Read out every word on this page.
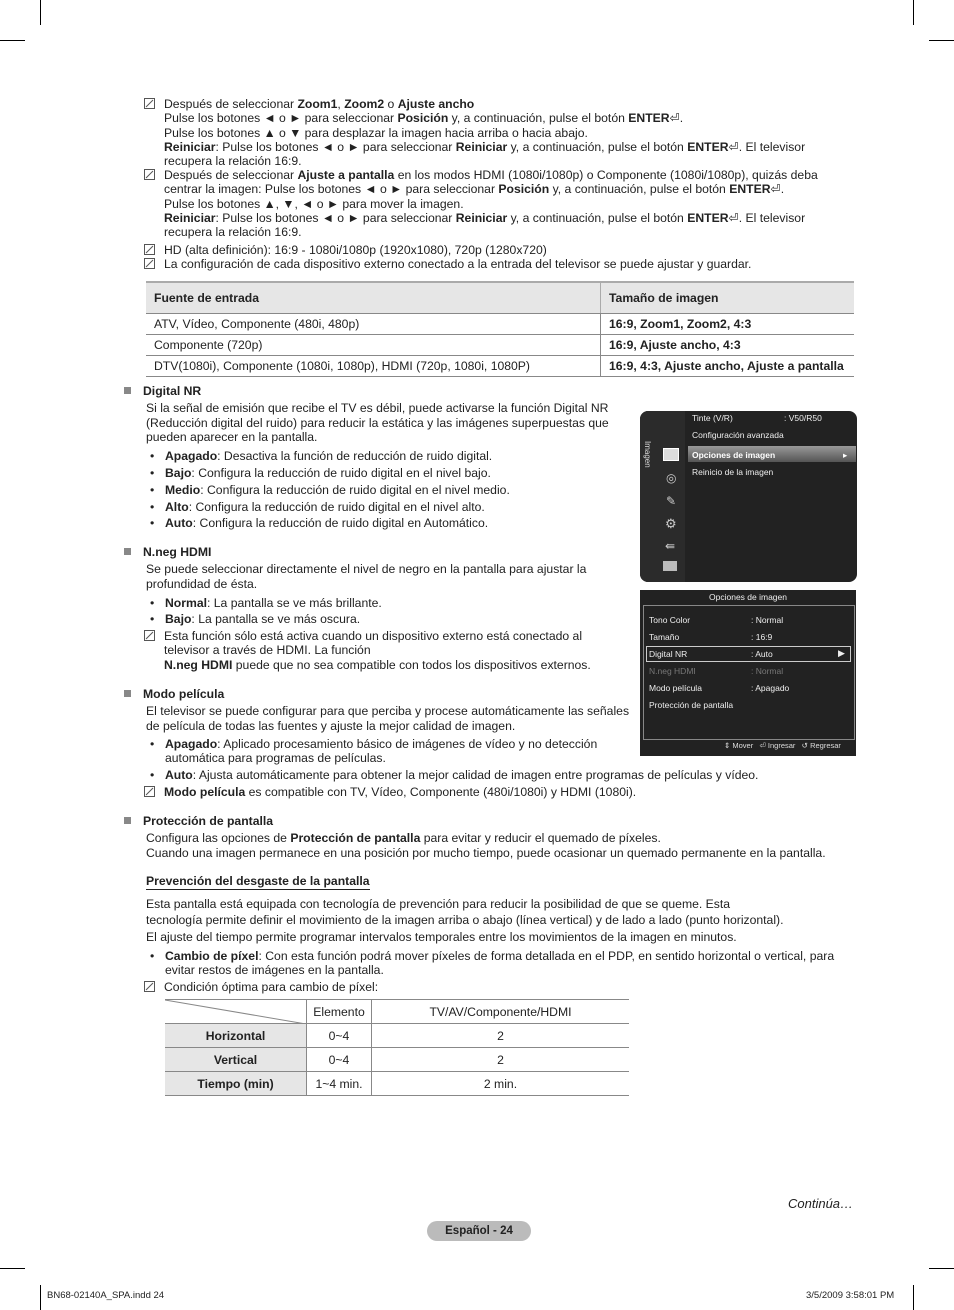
Después de seleccionar Zoom1, Zoom2 o Ajuste ancho
Pulse los botones ◄ o ► para seleccionar Posición y, a continuación, pulse el botón ENTER⏎.
Pulse los botones ▲ o ▼ para desplazar la imagen hacia arriba o hacia abajo.
Reiniciar: Pulse los botones ◄ o ► para seleccionar Reiniciar y, a continuación, pulse el botón ENTER⏎. El televisor
recupera la relación 16:9.
Después de seleccionar Ajuste a pantalla en los modos HDMI (1080i/1080p) o Componente (1080i/1080p), quizás deba
centrar la imagen: Pulse los botones ◄ o ► para seleccionar Posición y, a continuación, pulse el botón ENTER⏎.
Pulse los botones ▲, ▼, ◄ o ► para mover la imagen.
Reiniciar: Pulse los botones ◄ o ► para seleccionar Reiniciar y, a continuación, pulse el botón ENTER⏎. El televisor
recupera la relación 16:9.
HD (alta definición): 16:9 - 1080i/1080p (1920x1080), 720p (1280x720)
La configuración de cada dispositivo externo conectado a la entrada del televisor se puede ajustar y guardar.
Fuente de entrada	Tamaño de imagen
ATV, Vídeo, Componente (480i, 480p)	16:9, Zoom1, Zoom2, 4:3
Componente (720p)	16:9, Ajuste ancho, 4:3
DTV(1080i), Componente (1080i, 1080p), HDMI (720p, 1080i, 1080P)	16:9, 4:3, Ajuste ancho, Ajuste a pantalla
Digital NR
Si la señal de emisión que recibe el TV es débil, puede activarse la función Digital NR
(Reducción digital del ruido) para reducir la estática y las imágenes superpuestas que
pueden aparecer en la pantalla.
• Apagado: Desactiva la función de reducción de ruido digital.
• Bajo: Configura la reducción de ruido digital en el nivel bajo.
• Medio: Configura la reducción de ruido digital en el nivel medio.
• Alto: Configura la reducción de ruido digital en el nivel alto.
• Auto: Configura la reducción de ruido digital en Automático.
N.neg HDMI
Se puede seleccionar directamente el nivel de negro en la pantalla para ajustar la
profundidad de ésta.
• Normal: La pantalla se ve más brillante.
• Bajo: La pantalla se ve más oscura.
Esta función sólo está activa cuando un dispositivo externo está conectado al
televisor a través de HDMI. La función
N.neg HDMI puede que no sea compatible con todos los dispositivos externos.
Modo película
El televisor se puede configurar para que perciba y procese automáticamente las señales
de película de todas las fuentes y ajuste la mejor calidad de imagen.
• Apagado: Aplicado procesamiento básico de imágenes de vídeo y no detección
automática para programas de películas.
• Auto: Ajusta automáticamente para obtener la mejor calidad de imagen entre programas de películas y vídeo.
Modo película es compatible con TV, Vídeo, Componente (480i/1080i) y HDMI (1080i).
Protección de pantalla
Configura las opciones de Protección de pantalla para evitar y reducir el quemado de píxeles.
Cuando una imagen permanece en una posición por mucho tiempo, puede ocasionar un quemado permanente en la pantalla.
Prevención del desgaste de la pantalla
Esta pantalla está equipada con tecnología de prevención para reducir la posibilidad de que se queme. Esta
tecnología permite definir el movimiento de la imagen arriba o abajo (línea vertical) y de lado a lado (punto horizontal).
El ajuste del tiempo permite programar intervalos temporales entre los movimientos de la imagen en minutos.
• Cambio de píxel: Con esta función podrá mover píxeles de forma detallada en el PDP, en sentido horizontal o vertical, para
evitar restos de imágenes en la pantalla.
Condición óptima para cambio de píxel:
	Elemento	TV/AV/Componente/HDMI
Horizontal	0~4	2
Vertical	0~4	2
Tiempo (min)	1~4 min.	2 min.
Imagen
◎
✎
⚙
⇚
Tinte (V/R)	: V50/R50
Configuración avanzada
Opciones de imagen	▸
Reinicio de la imagen
Opciones de imagen
Tono Color	: Normal
Tamaño	: 16:9
Digital NR	: Auto	▶
N.neg HDMI	: Normal
Modo película	: Apagado
Protección de pantalla
⇕ Mover ⏎ Ingresar ↺ Regresar
Continúa…
Español - 24
BN68-02140A_SPA.indd 24	3/5/2009 3:58:01 PM
